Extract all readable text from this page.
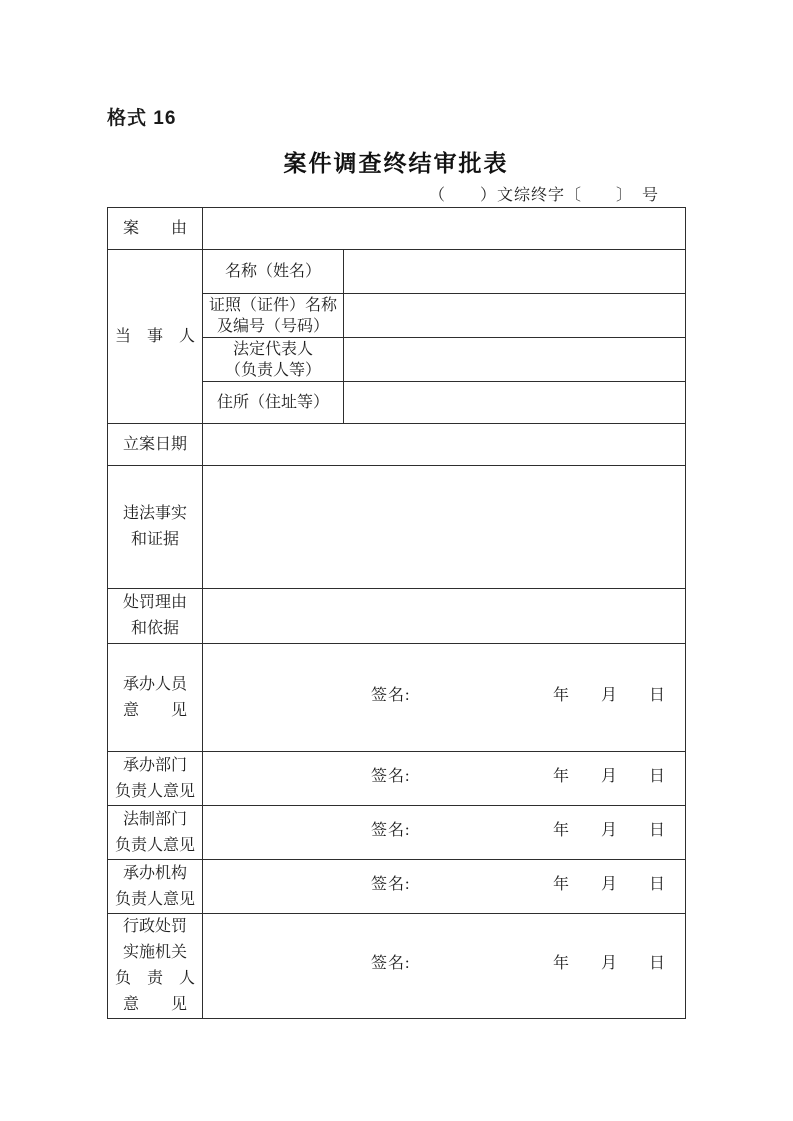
格式 16
案件调查终结审批表
（　　）文综终字〔　　〕　号
案　　由		
当　事　人	名称（姓名）	

	证照（证件）名称
及编号（号码）	

	法定代表人
（负责人等）	

	住所（住址等）	

立案日期		

违法事实
和证据		

处罚理由
和依据		

承办人员
意　　见	签名: 年 月 日	

承办部门
负责人意见	签名: 年 月 日	

法制部门
负责人意见	签名: 年 月 日	

承办机构
负责人意见	签名: 年 月 日	

行政处罚
实施机关
负　责　人
意　　见	签名: 年 月 日	
